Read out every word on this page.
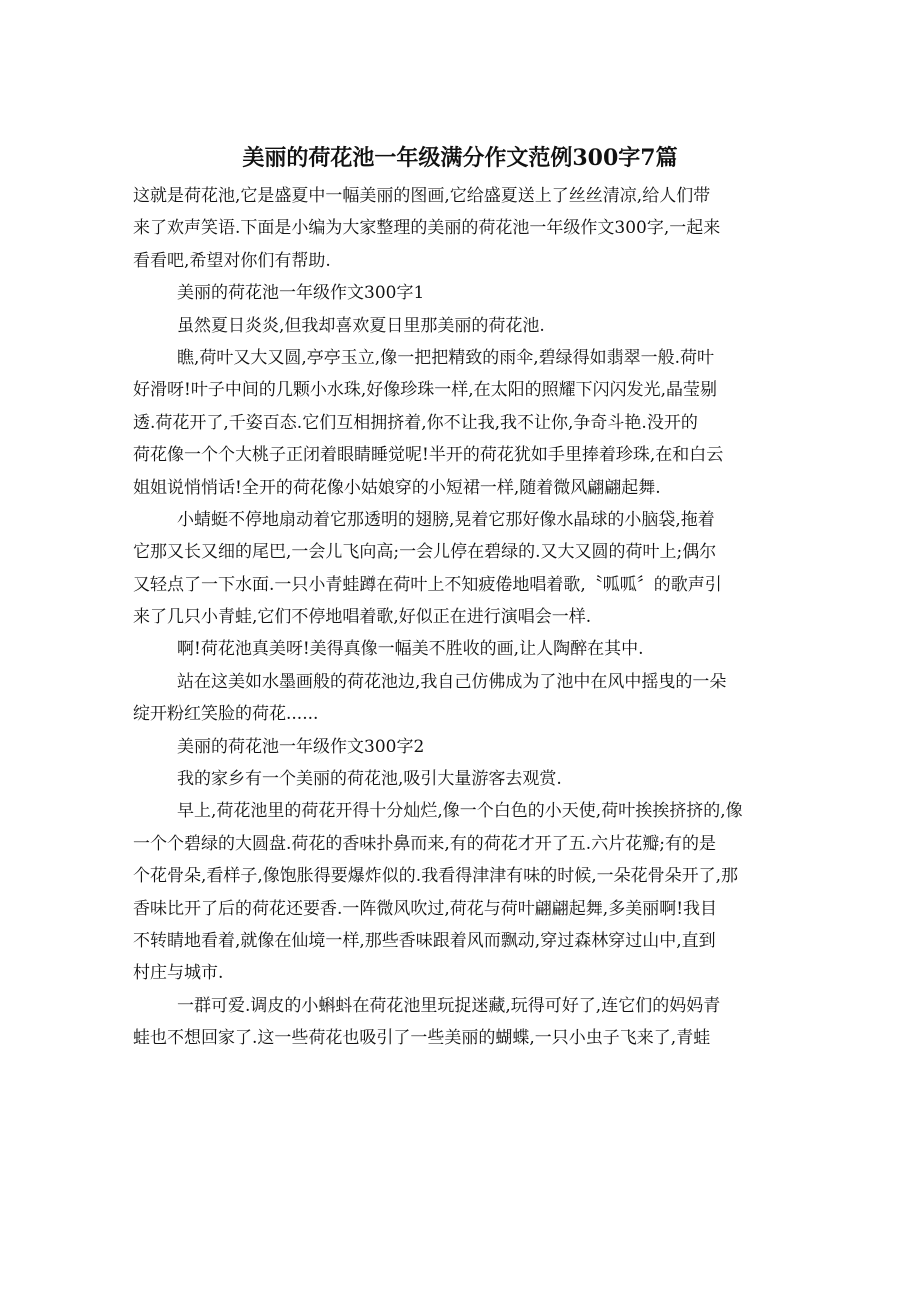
美丽的荷花池一年级满分作文范例300字7篇
这就是荷花池,它是盛夏中一幅美丽的图画,它给盛夏送上了丝丝清凉,给人们带
来了欢声笑语.下面是小编为大家整理的美丽的荷花池一年级作文300字,一起来
看看吧,希望对你们有帮助.
美丽的荷花池一年级作文300字1
虽然夏日炎炎,但我却喜欢夏日里那美丽的荷花池.
瞧,荷叶又大又圆,亭亭玉立,像一把把精致的雨伞,碧绿得如翡翠一般.荷叶
好滑呀!叶子中间的几颗小水珠,好像珍珠一样,在太阳的照耀下闪闪发光,晶莹剔
透.荷花开了,千姿百态.它们互相拥挤着,你不让我,我不让你,争奇斗艳.没开的
荷花像一个个大桃子正闭着眼睛睡觉呢!半开的荷花犹如手里捧着珍珠,在和白云
姐姐说悄悄话!全开的荷花像小姑娘穿的小短裙一样,随着微风翩翩起舞.
小蜻蜓不停地扇动着它那透明的翅膀,晃着它那好像水晶球的小脑袋,拖着
它那又长又细的尾巴,一会儿飞向高;一会儿停在碧绿的.又大又圆的荷叶上;偶尔
又轻点了一下水面.一只小青蛙蹲在荷叶上不知疲倦地唱着歌,〝呱呱〞的歌声引
来了几只小青蛙,它们不停地唱着歌,好似正在进行演唱会一样.
啊!荷花池真美呀!美得真像一幅美不胜收的画,让人陶醉在其中.
站在这美如水墨画般的荷花池边,我自己仿佛成为了池中在风中摇曳的一朵
绽开粉红笑脸的荷花......
美丽的荷花池一年级作文300字2
我的家乡有一个美丽的荷花池,吸引大量游客去观赏.
早上,荷花池里的荷花开得十分灿烂,像一个白色的小天使,荷叶挨挨挤挤的,像
一个个碧绿的大圆盘.荷花的香味扑鼻而来,有的荷花才开了五.六片花瓣;有的是
个花骨朵,看样子,像饱胀得要爆炸似的.我看得津津有味的时候,一朵花骨朵开了,那
香味比开了后的荷花还要香.一阵微风吹过,荷花与荷叶翩翩起舞,多美丽啊!我目
不转睛地看着,就像在仙境一样,那些香味跟着风而飘动,穿过森林穿过山中,直到
村庄与城市.
一群可爱.调皮的小蝌蚪在荷花池里玩捉迷藏,玩得可好了,连它们的妈妈青
蛙也不想回家了.这一些荷花也吸引了一些美丽的蝴蝶,一只小虫子飞来了,青蛙
